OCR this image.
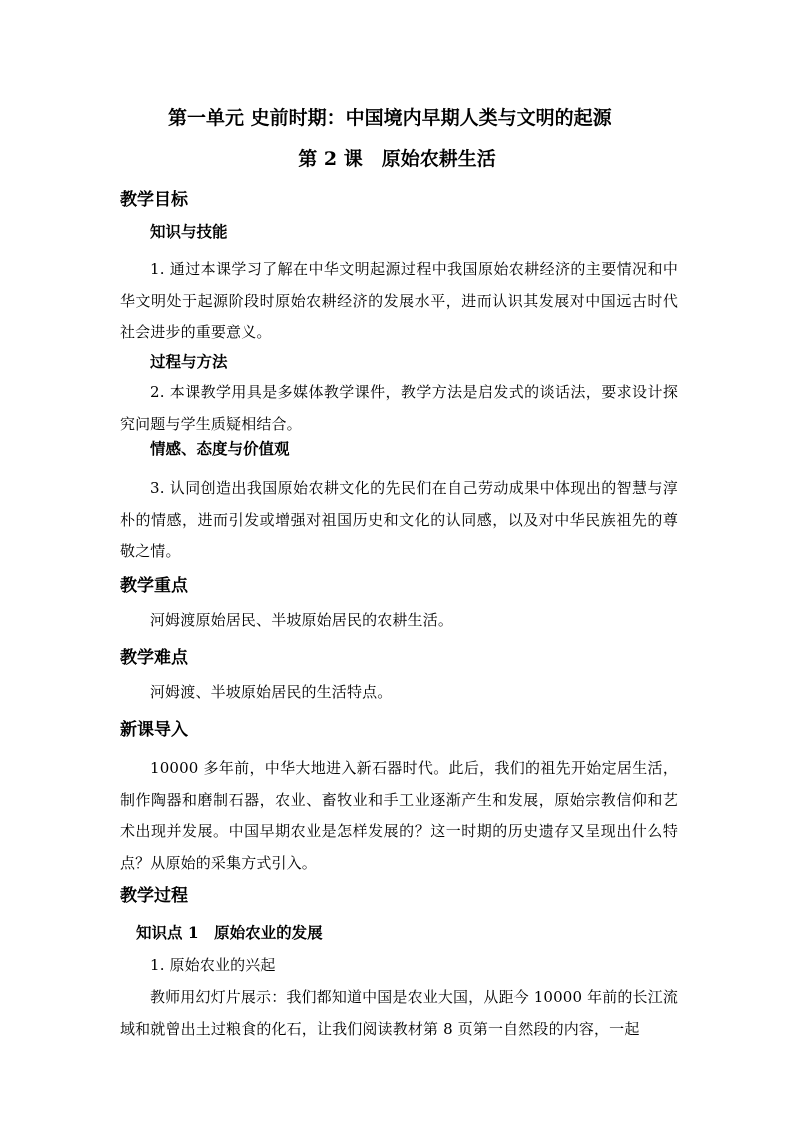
第一单元 史前时期：中国境内早期人类与文明的起源
第 2 课　原始农耕生活
教学目标
知识与技能
1. 通过本课学习了解在中华文明起源过程中我国原始农耕经济的主要情况和中华文明处于起源阶段时原始农耕经济的发展水平，进而认识其发展对中国远古时代社会进步的重要意义。
过程与方法
2. 本课教学用具是多媒体教学课件，教学方法是启发式的谈话法，要求设计探究问题与学生质疑相结合。
情感、态度与价值观
3. 认同创造出我国原始农耕文化的先民们在自己劳动成果中体现出的智慧与淳朴的情感，进而引发或增强对祖国历史和文化的认同感，以及对中华民族祖先的尊敬之情。
教学重点
河姆渡原始居民、半坡原始居民的农耕生活。
教学难点
河姆渡、半坡原始居民的生活特点。
新课导入
10000 多年前，中华大地进入新石器时代。此后，我们的祖先开始定居生活，制作陶器和磨制石器，农业、畜牧业和手工业逐渐产生和发展，原始宗教信仰和艺术出现并发展。中国早期农业是怎样发展的？这一时期的历史遗存又呈现出什么特点？从原始的采集方式引入。
教学过程
知识点 1　原始农业的发展
1. 原始农业的兴起
教师用幻灯片展示：我们都知道中国是农业大国，从距今 10000 年前的长江流域和就曾出土过粮食的化石，让我们阅读教材第 8 页第一自然段的内容，一起
